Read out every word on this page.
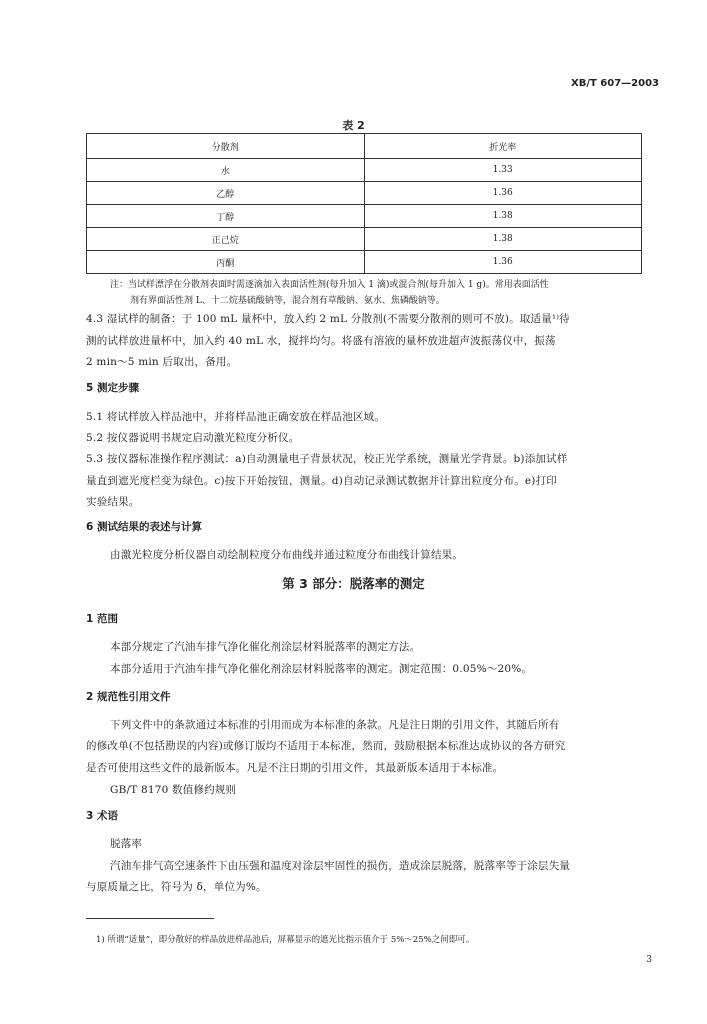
XB/T 607—2003
表 2
分散剂	折光率
水	1.33
乙醇	1.36
丁醇	1.38
正己烷	1.38
丙酮	1.36
注：当试样漂浮在分散剂表面时需逐滴加入表面活性剂(每升加入 1 滴)或混合剂(每升加入 1 g)。常用表面活性
剂有界面活性剂 L、十二烷基硫酸钠等，混合剂有草酸钠、氨水、焦磷酸钠等。
4.3 湿试样的制备：于 100 mL 量杯中，放入约 2 mL 分散剂(不需要分散剂的则可不放)。取适量¹⁾待
测的试样放进量杯中，加入约 40 mL 水，搅拌均匀。将盛有溶液的量杯放进超声波振荡仪中，振荡
2 min～5 min 后取出，备用。
5 测定步骤
5.1 将试样放入样品池中，并将样品池正确安放在样品池区域。
5.2 按仪器说明书规定启动激光粒度分析仪。
5.3 按仪器标准操作程序测试：a)自动测量电子背景状况，校正光学系统，测量光学背景。b)添加试样
量直到遮光度栏变为绿色。c)按下开始按钮，测量。d)自动记录测试数据并计算出粒度分布。e)打印
实验结果。
6 测试结果的表述与计算
由激光粒度分析仪器自动绘制粒度分布曲线并通过粒度分布曲线计算结果。
第 3 部分：脱落率的测定
1 范围
本部分规定了汽油车排气净化催化剂涂层材料脱落率的测定方法。
本部分适用于汽油车排气净化催化剂涂层材料脱落率的测定。测定范围：0.05%～20%。
2 规范性引用文件
下列文件中的条款通过本标准的引用而成为本标准的条款。凡是注日期的引用文件，其随后所有
的修改单(不包括勘误的内容)或修订版均不适用于本标准，然而，鼓励根据本标准达成协议的各方研究
是否可使用这些文件的最新版本。凡是不注日期的引用文件，其最新版本适用于本标准。
GB/T 8170 数值修约规则
3 术语
脱落率
汽油车排气高空速条件下由压强和温度对涂层牢固性的损伤，造成涂层脱落，脱落率等于涂层失量
与原质量之比，符号为 δ，单位为%。
1) 所谓“适量”，即分散好的样品放进样品池后，屏幕显示的遮光比指示值介于 5%～25%之间即可。
3
